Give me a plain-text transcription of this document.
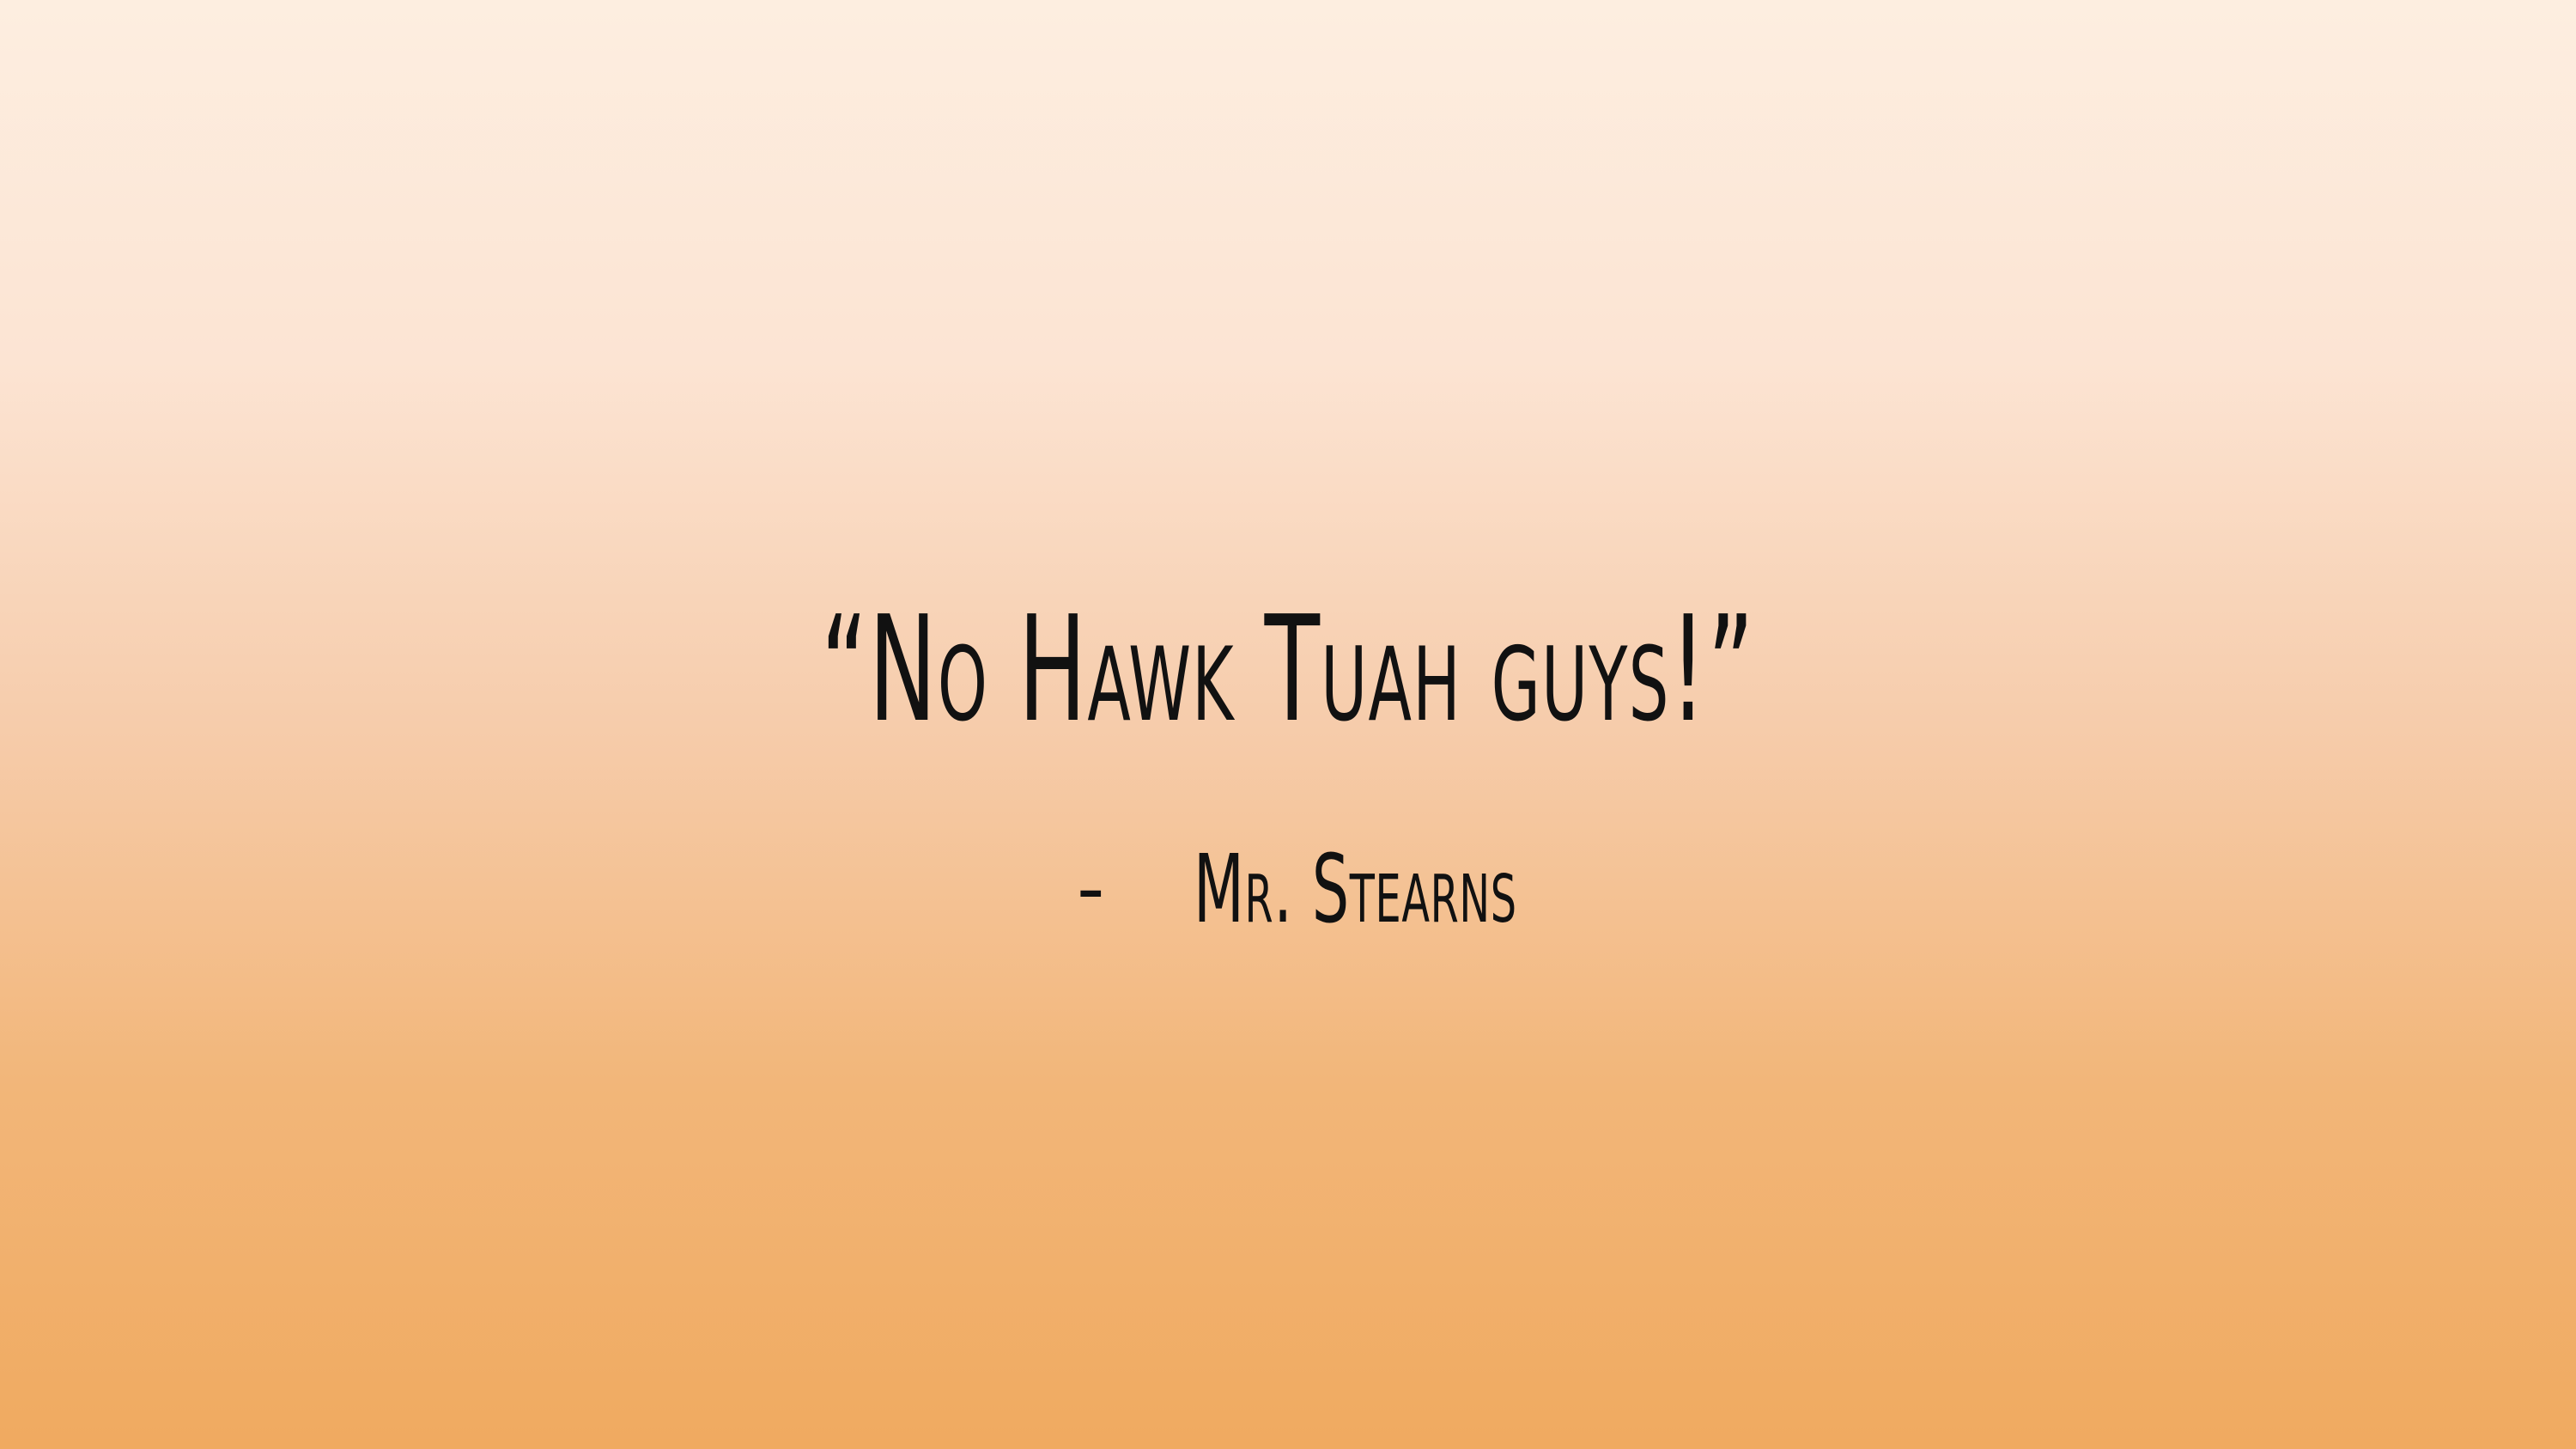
“No Hawk Tuah guys!”
- Mr. Stearns
